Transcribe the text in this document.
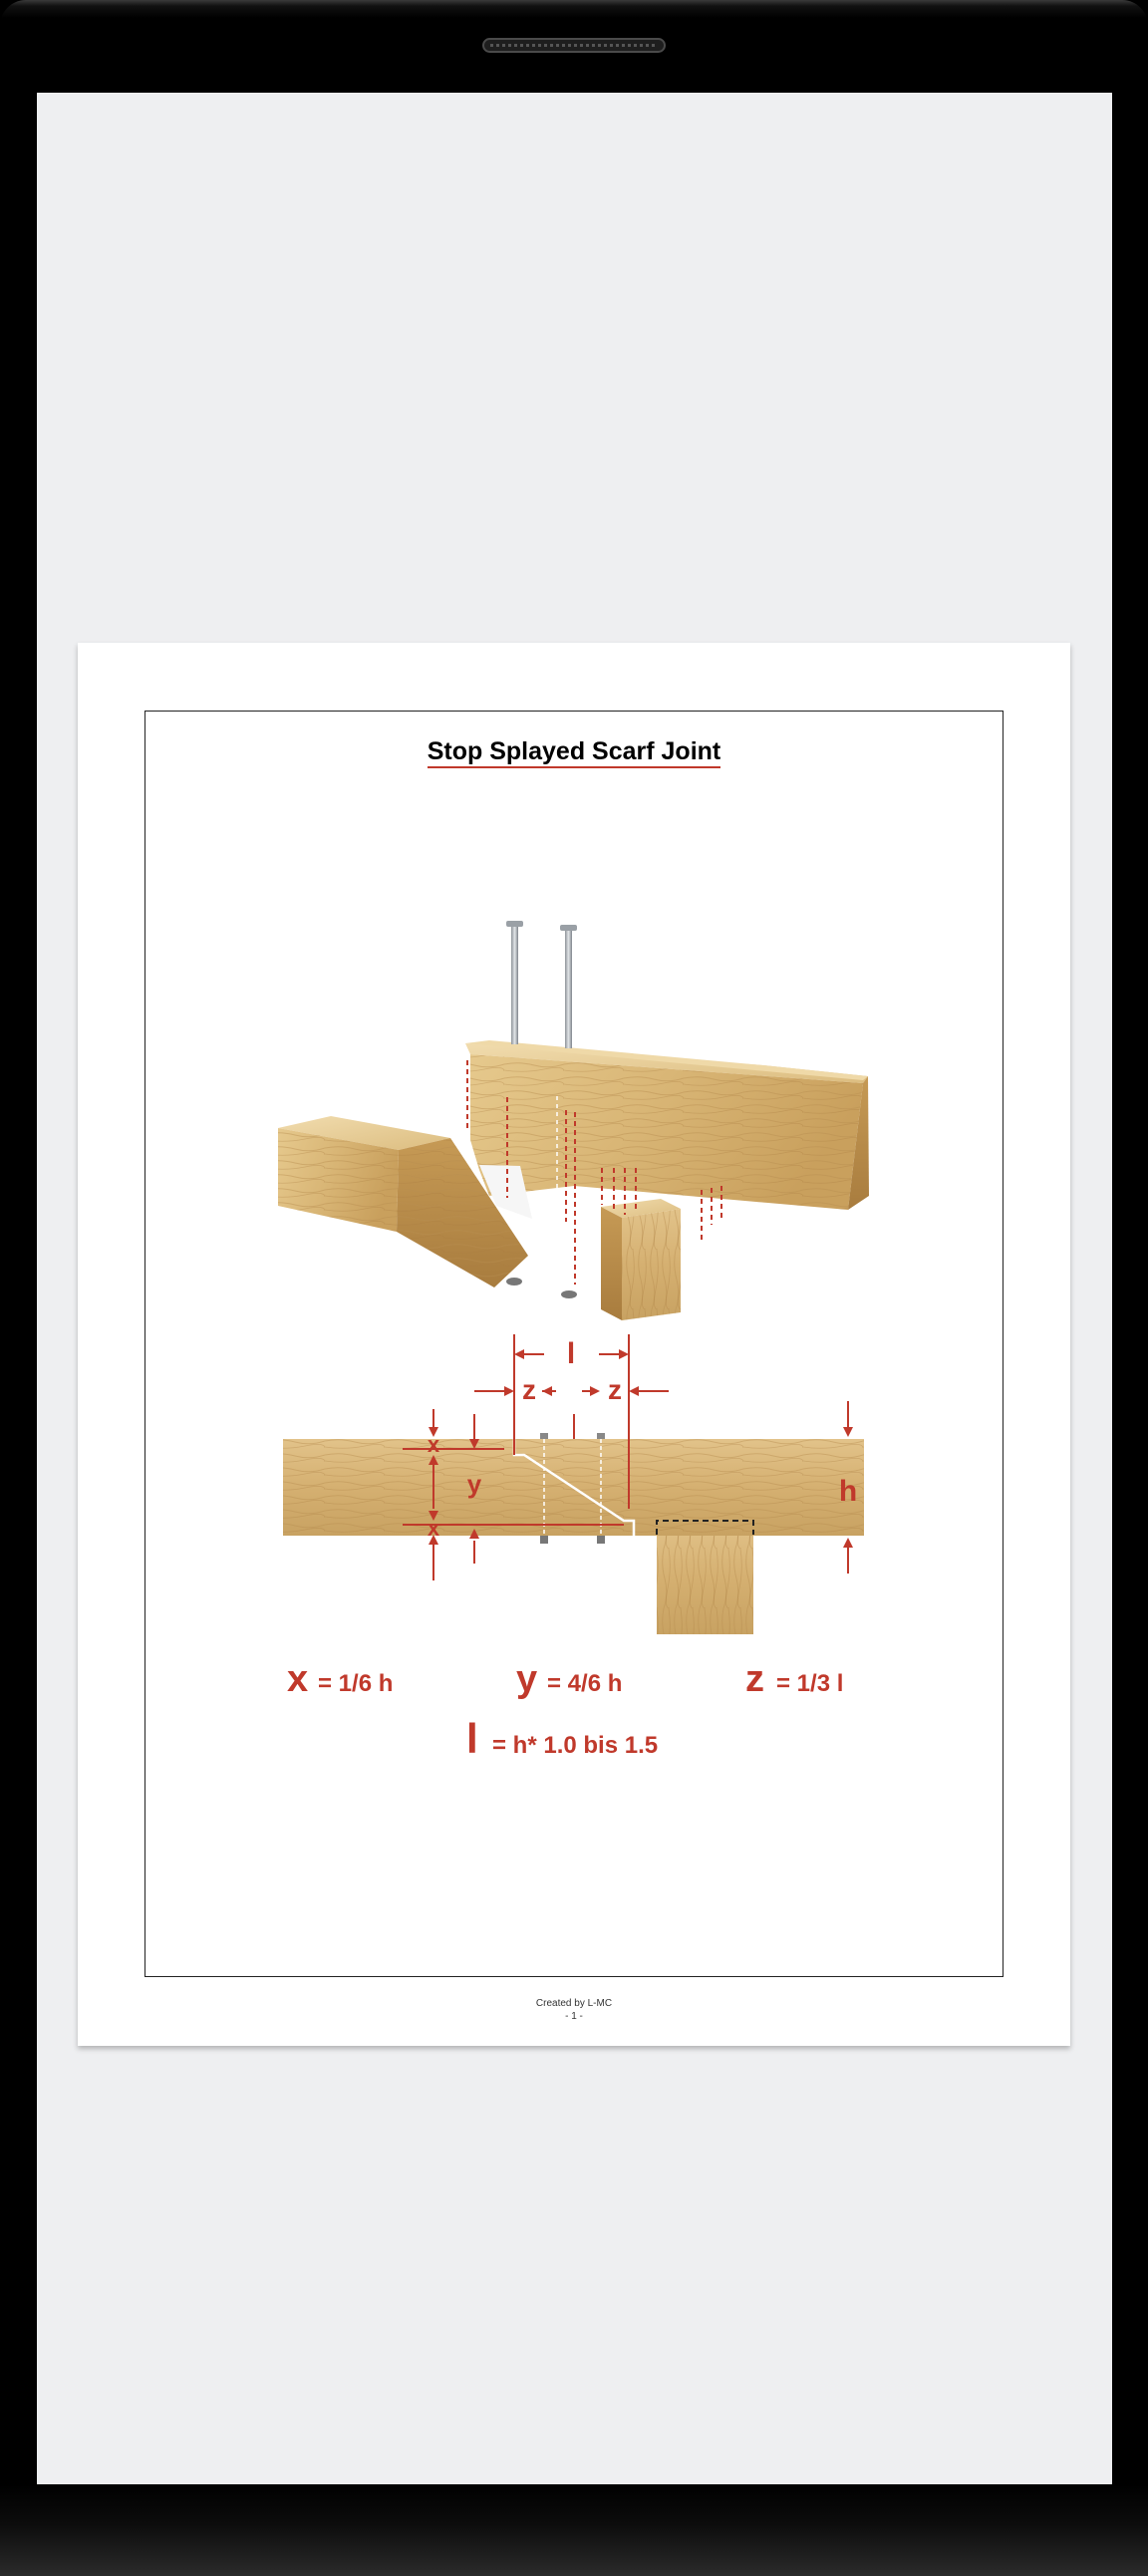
Stop Splayed Scarf Joint
l
z	z
x
y
x
h
x = 1/6 h	y = 4/6 h	z = 1/3 l
l = h* 1.0 bis 1.5
Created by L-MC
- 1 -
